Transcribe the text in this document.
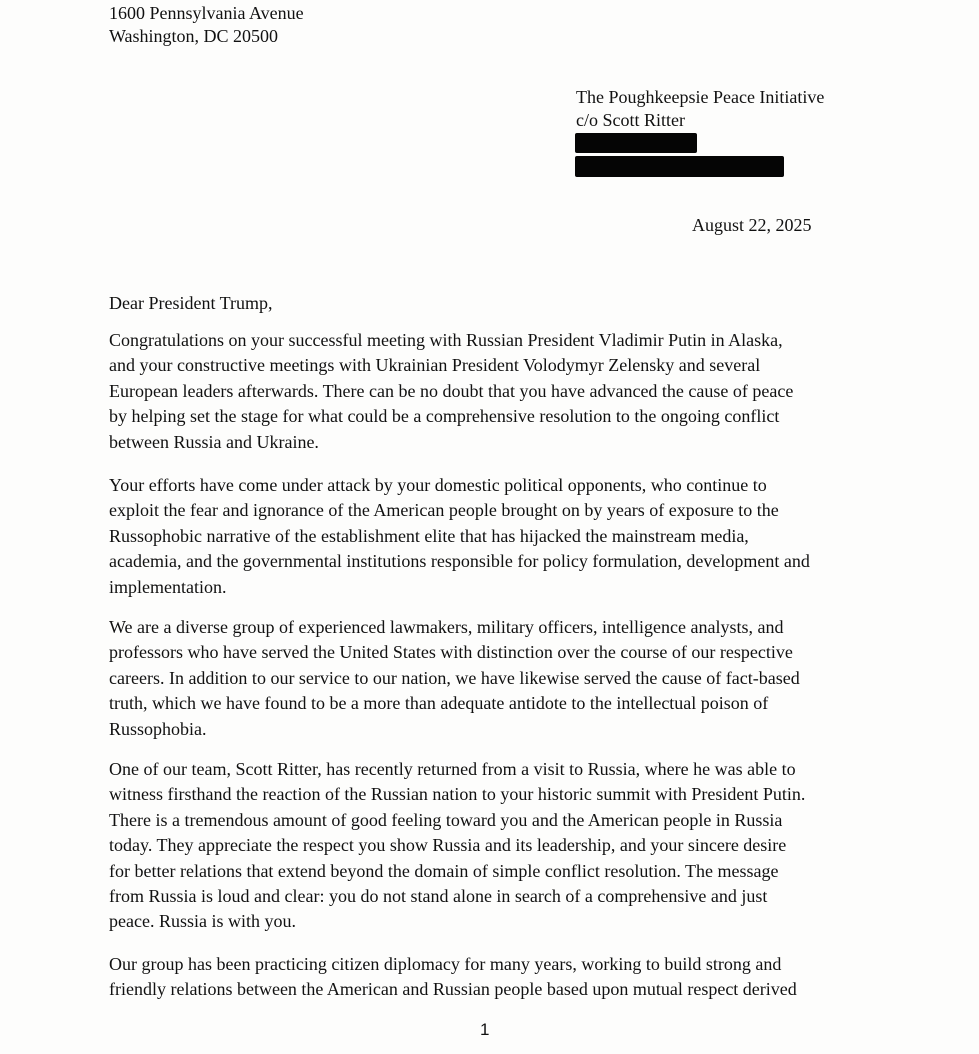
1600 Pennsylvania Avenue
Washington, DC 20500
The Poughkeepsie Peace Initiative
c/o Scott Ritter
August 22, 2025
Dear President Trump,
Congratulations on your successful meeting with Russian President Vladimir Putin in Alaska,
and your constructive meetings with Ukrainian President Volodymyr Zelensky and several
European leaders afterwards. There can be no doubt that you have advanced the cause of peace
by helping set the stage for what could be a comprehensive resolution to the ongoing conflict
between Russia and Ukraine.
Your efforts have come under attack by your domestic political opponents, who continue to
exploit the fear and ignorance of the American people brought on by years of exposure to the
Russophobic narrative of the establishment elite that has hijacked the mainstream media,
academia, and the governmental institutions responsible for policy formulation, development and
implementation.
We are a diverse group of experienced lawmakers, military officers, intelligence analysts, and
professors who have served the United States with distinction over the course of our respective
careers. In addition to our service to our nation, we have likewise served the cause of fact-based
truth, which we have found to be a more than adequate antidote to the intellectual poison of
Russophobia.
One of our team, Scott Ritter, has recently returned from a visit to Russia, where he was able to
witness firsthand the reaction of the Russian nation to your historic summit with President Putin.
There is a tremendous amount of good feeling toward you and the American people in Russia
today. They appreciate the respect you show Russia and its leadership, and your sincere desire
for better relations that extend beyond the domain of simple conflict resolution. The message
from Russia is loud and clear: you do not stand alone in search of a comprehensive and just
peace. Russia is with you.
Our group has been practicing citizen diplomacy for many years, working to build strong and
friendly relations between the American and Russian people based upon mutual respect derived
1
